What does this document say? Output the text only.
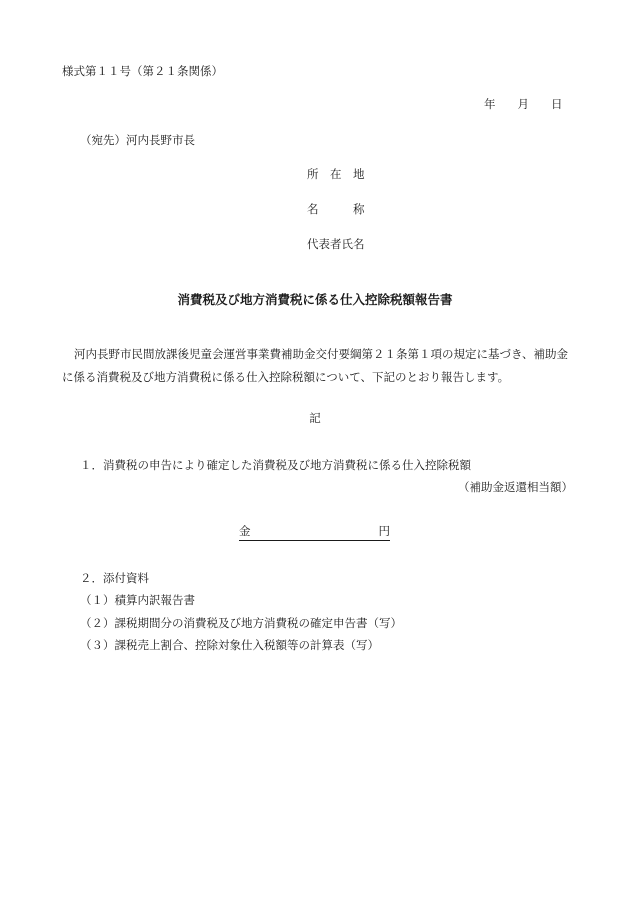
様式第１１号（第２１条関係）
年 月 日
（宛先）河内長野市長
所　在　地
名　　　称
代表者氏名
消費税及び地方消費税に係る仕入控除税額報告書
河内長野市民間放課後児童会運営事業費補助金交付要綱第２１条第１項の規定に基づき、補助金に係る消費税及び地方消費税に係る仕入控除税額について、下記のとおり報告します。
記
１．消費税の申告により確定した消費税及び地方消費税に係る仕入控除税額
（補助金返還相当額）
金	円
２．添付資料
（１）積算内訳報告書
（２）課税期間分の消費税及び地方消費税の確定申告書（写）
（３）課税売上割合、控除対象仕入税額等の計算表（写）
